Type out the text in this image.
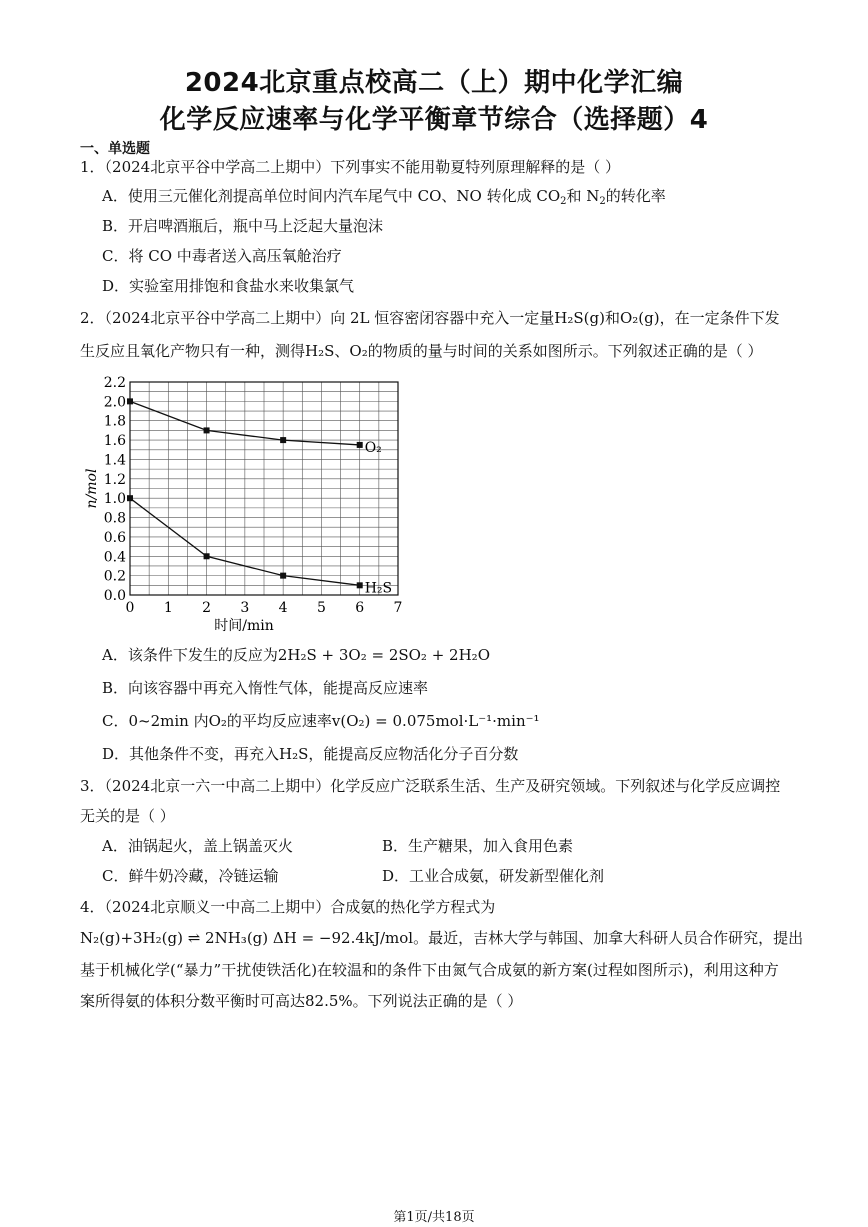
2024北京重点校高二（上）期中化学汇编
化学反应速率与化学平衡章节综合（选择题）4
一、单选题
1．（2024北京平谷中学高二上期中）下列事实不能用勒夏特列原理解释的是（ ）
A．使用三元催化剂提高单位时间内汽车尾气中 CO、NO 转化成 $CO_2$和 $N_2$的转化率
B．开启啤酒瓶后，瓶中马上泛起大量泡沫
C．将 CO 中毒者送入高压氧舱治疗
D．实验室用排饱和食盐水来收集氯气
2．（2024北京平谷中学高二上期中）向 2L 恒容密闭容器中充入一定量H₂S(g)和O₂(g)，在一定条件下发
生反应且氧化产物只有一种，测得H₂S、O₂的物质的量与时间的关系如图所示。下列叙述正确的是（ ）
0.0
0.2
0.4
0.6
0.8
1.0
1.2
1.4
1.6
1.8
2.0
2.2
0 1 2 3 4 5 6 7
时间/min
n/mol
O₂
H₂S
A．该条件下发生的反应为2H₂S + 3O₂ = 2SO₂ + 2H₂O
B．向该容器中再充入惰性气体，能提高反应速率
C．0~2min 内O₂的平均反应速率v(O₂) = 0.075mol·L⁻¹·min⁻¹
D．其他条件不变，再充入H₂S，能提高反应物活化分子百分数
3．（2024北京一六一中高二上期中）化学反应广泛联系生活、生产及研究领域。下列叙述与化学反应调控
无关的是（ ）
A．油锅起火，盖上锅盖灭火	B．生产糖果，加入食用色素
C．鲜牛奶冷藏，冷链运输	D．工业合成氨，研发新型催化剂
4．（2024北京顺义一中高二上期中）合成氨的热化学方程式为
N₂(g)+3H₂(g) ⇌ 2NH₃(g) ΔH = −92.4kJ/mol。最近，吉林大学与韩国、加拿大科研人员合作研究，提出
基于机械化学(“暴力”干扰使铁活化)在较温和的条件下由氮气合成氨的新方案(过程如图所示)，利用这种方
案所得氨的体积分数平衡时可高达82.5%。下列说法正确的是（ ）
第1页/共18页
